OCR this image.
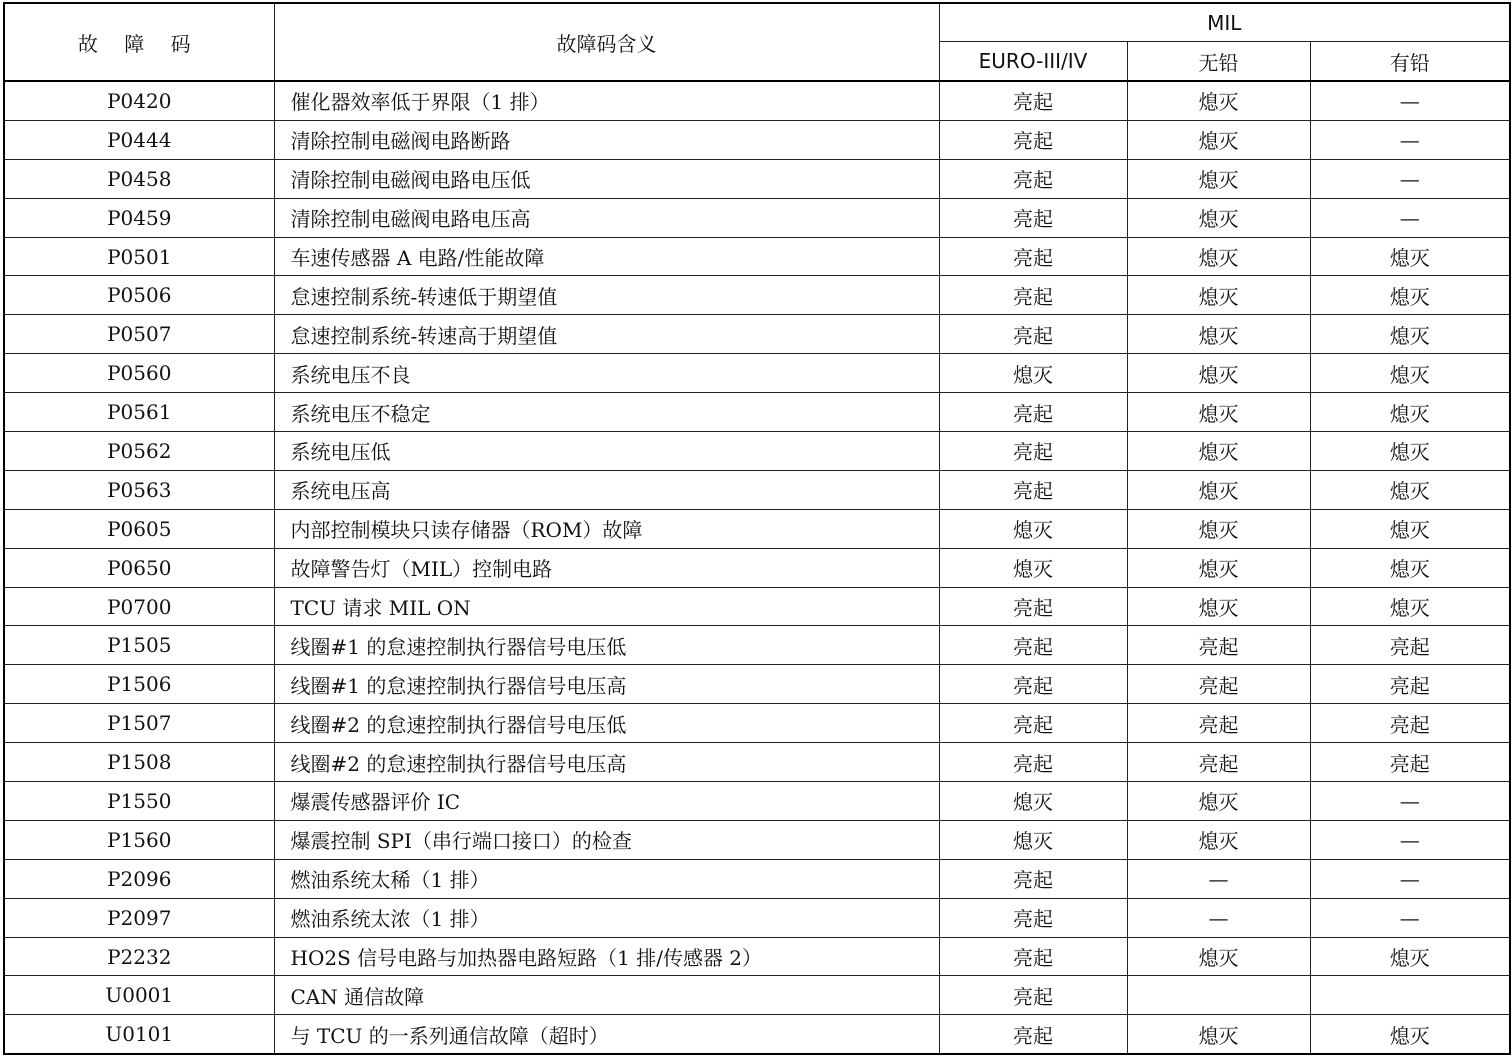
故 障 码	故障码含义	MIL		
		EURO-III/IV	无铅	有铅
P0420	催化器效率低于界限（1 排）	亮起	熄灭	—
P0444	清除控制电磁阀电路断路	亮起	熄灭	—
P0458	清除控制电磁阀电路电压低	亮起	熄灭	—
P0459	清除控制电磁阀电路电压高	亮起	熄灭	—
P0501	车速传感器 A 电路/性能故障	亮起	熄灭	熄灭
P0506	怠速控制系统-转速低于期望值	亮起	熄灭	熄灭
P0507	怠速控制系统-转速高于期望值	亮起	熄灭	熄灭
P0560	系统电压不良	熄灭	熄灭	熄灭
P0561	系统电压不稳定	亮起	熄灭	熄灭
P0562	系统电压低	亮起	熄灭	熄灭
P0563	系统电压高	亮起	熄灭	熄灭
P0605	内部控制模块只读存储器（ROM）故障	熄灭	熄灭	熄灭
P0650	故障警告灯（MIL）控制电路	熄灭	熄灭	熄灭
P0700	TCU 请求 MIL ON	亮起	熄灭	熄灭
P1505	线圈#1 的怠速控制执行器信号电压低	亮起	亮起	亮起
P1506	线圈#1 的怠速控制执行器信号电压高	亮起	亮起	亮起
P1507	线圈#2 的怠速控制执行器信号电压低	亮起	亮起	亮起
P1508	线圈#2 的怠速控制执行器信号电压高	亮起	亮起	亮起
P1550	爆震传感器评价 IC	熄灭	熄灭	—
P1560	爆震控制 SPI（串行端口接口）的检查	熄灭	熄灭	—
P2096	燃油系统太稀（1 排）	亮起	—	—
P2097	燃油系统太浓（1 排）	亮起	—	—
P2232	HO2S 信号电路与加热器电路短路（1 排/传感器 2）	亮起	熄灭	熄灭
U0001	CAN 通信故障	亮起		
U0101	与 TCU 的一系列通信故障（超时）	亮起	熄灭	熄灭
